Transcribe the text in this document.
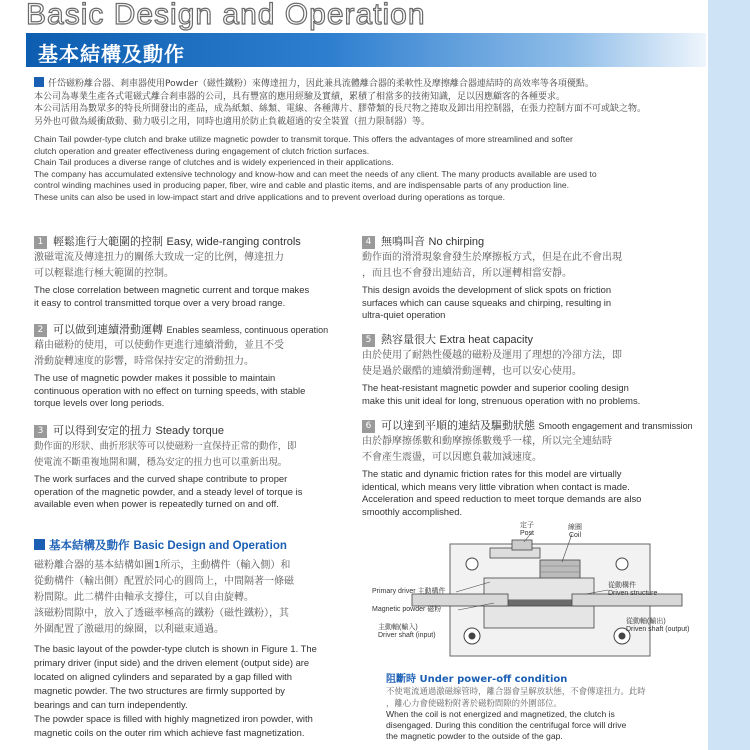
Basic Design and Operation
基本結構及動作
仟岱磁粉離合器、剎車器使用Powder（磁性鐵粉）來傳達扭力，因此兼具流體離合器的柔軟性及摩擦離合器連結時的高效率等各項優點。
本公司為專業生產各式電磁式離合剎車器的公司，具有豐富的應用經驗及實績，累積了相當多的技術知識，足以因應顧客的各種要求。
本公司活用為數眾多的特長所開發出的產品，成為紙類、絲類、電線、各種薄片、膠帶類的長尺物之捲取及卸出用控制器，在張力控制方面不可或缺之物。
另外也可做為緩衝啟動、動力吸引之用，同時也適用於防止負載超過的安全裝置（扭力限制器）等。
Chain Tail powder-type clutch and brake utilize magnetic powder to transmit torque. This offers the advantages of more streamlined and softer
clutch operation and greater effectiveness during engagement of clutch friction surfaces.
Chain Tail produces a diverse range of clutches and is widely experienced in their applications.
The company has accumulated extensive technology and know-how and can meet the needs of any client. The many products available are used to
control winding machines used in producing paper, fiber, wire and cable and plastic items, and are indispensable parts of any production line.
These units can also be used in low-impact start and drive applications and to prevent overload during operations as torque.
1 輕鬆進行大範圍的控制 Easy, wide-ranging controls
激磁電流及傳達扭力的關係大致成一定的比例，傳達扭力
可以輕鬆進行極大範圍的控制。
The close correlation between magnetic current and torque makes
it easy to control transmitted torque over a very broad range.
2 可以做到連續滑動運轉 Enables seamless, continuous operation
藉由磁粉的使用，可以使動作更進行連續滑動，並且不受
滑動旋轉速度的影響，時常保持安定的滑動扭力。
The use of magnetic powder makes it possible to maintain
continuous operation with no effect on turning speeds, with stable
torque levels over long periods.
3 可以得到安定的扭力 Steady torque
動作面的形狀、曲折形狀等可以使磁粉一直保持正常的動作，即
使電流不斷重複地開和關，穩為安定的扭力也可以重新出現。
The work surfaces and the curved shape contribute to proper
operation of the magnetic powder, and a steady level of torque is
available even when power is repeatedly turned on and off.
4 無鳴叫音 No chirping
動作面的滑滑現象會發生於摩擦板方式，但是在此不會出現
，而且也不會發出連結音，所以運轉相當安靜。
This design avoids the development of slick spots on friction
surfaces which can cause squeaks and chirping, resulting in
ultra-quiet operation
5 熱容量很大 Extra heat capacity
由於使用了耐熱性優越的磁粉及運用了理想的冷卻方法，即
使是過於嚴酷的連續滑動運轉，也可以安心使用。
The heat-resistant magnetic powder and superior cooling design
make this unit ideal for long, strenuous operation with no problems.
6 可以達到平順的連結及驅動狀態 Smooth engagement and transmission
由於靜摩擦係數和動摩擦係數幾乎一樣，所以完全連結時
不會產生震盪，可以因應負載加減速度。
The static and dynamic friction rates for this model are virtually
identical, which means very little vibration when contact is made.
Acceleration and speed reduction to meet torque demands are also
smoothly accomplished.
基本結構及動作 Basic Design and Operation
磁粉離合器的基本結構如圖1所示，主動構件（輸入側）和
從動構件（輸出側）配置於同心的圓筒上，中間隔著一條磁
粉間隙。此二構件由軸承支撐住，可以自由旋轉。
該磁粉間隙中，放入了透磁率極高的鐵粉（磁性鐵粉），其
外圍配置了激磁用的線圈，以利磁束通過。
The basic layout of the powder-type clutch is shown in Figure 1. The
primary driver (input side) and the driven element (output side) are
located on aligned cylinders and separated by a gap filled with
magnetic powder. The two structures are firmly supported by
bearings and can turn independently.
The powder space is filled with highly magnetized iron powder, with
magnetic coils on the outer rim which achieve fast magnetization.
定子
Post
線圈
Coil
Primary driver 主動構件
Magnetic powder 磁粉
主動軸(輸入)
Driver shaft (input)
從動構件
Driven structure
從動軸(輸出)
Driven shaft (output)
阻斷時 Under power-off condition
不使電流通過激磁線管時，離合器會呈解放狀態，不會傳達扭力。此時
，離心力會使磁粉附著於磁粉間隙的外圍部位。
When the coil is not energized and magnetized, the clutch is
disengaged. During this condition the centrifugal force will drive
the magnetic powder to the outside of the gap.
